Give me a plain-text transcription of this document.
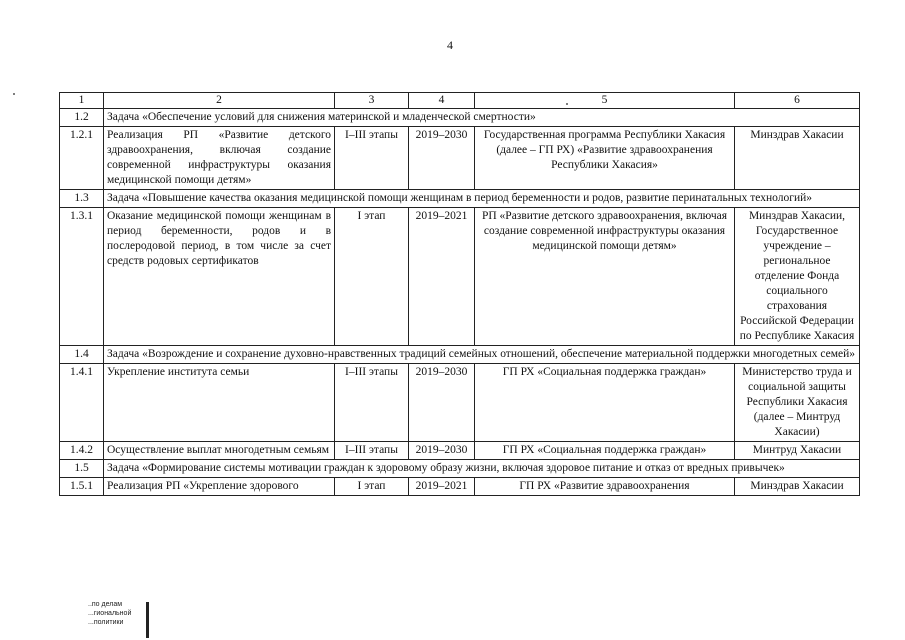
4
1	2	3	4	5	6
1.2	Задача «Обеспечение условий для снижения материнской и младенческой смертности»				
1.2.1	Реализация РП «Развитие детского здравоохранения, включая создание современной инфраструктуры оказания медицинской помощи детям»	I–III этапы	2019–2030	Государственная программа Республики Хакасия (далее – ГП РХ) «Развитие здравоохранения Республики Хакасия»	Минздрав Хакасии
1.3	Задача «Повышение качества оказания медицинской помощи женщинам в период беременности и родов, развитие перинатальных технологий»				
1.3.1	Оказание медицинской помощи женщинам в период беременности, родов и в послеродовой период, в том числе за счет средств родовых сертификатов	I этап	2019–2021	РП «Развитие детского здравоохранения, включая создание современной инфраструктуры оказания медицинской помощи детям»	Минздрав Хакасии, Государственное учреждение – региональное отделение Фонда социального страхования Российской Федерации по Республике Хакасия
1.4	Задача «Возрождение и сохранение духовно-нравственных традиций семейных отношений, обеспечение материальной поддержки многодетных семей»				
1.4.1	Укрепление института семьи	I–III этапы	2019–2030	ГП РХ «Социальная поддержка граждан»	Министерство труда и социальной защиты Республики Хакасия (далее – Минтруд Хакасии)
1.4.2	Осуществление выплат многодетным семьям	I–III этапы	2019–2030	ГП РХ «Социальная поддержка граждан»	Минтруд Хакасии
1.5	Задача «Формирование системы мотивации граждан к здоровому образу жизни, включая здоровое питание и отказ от вредных привычек»				
1.5.1	Реализация РП «Укрепление здорового	I этап	2019–2021	ГП РХ «Развитие здравоохранения	Минздрав Хакасии
..по делам
...гиональной
...политики
